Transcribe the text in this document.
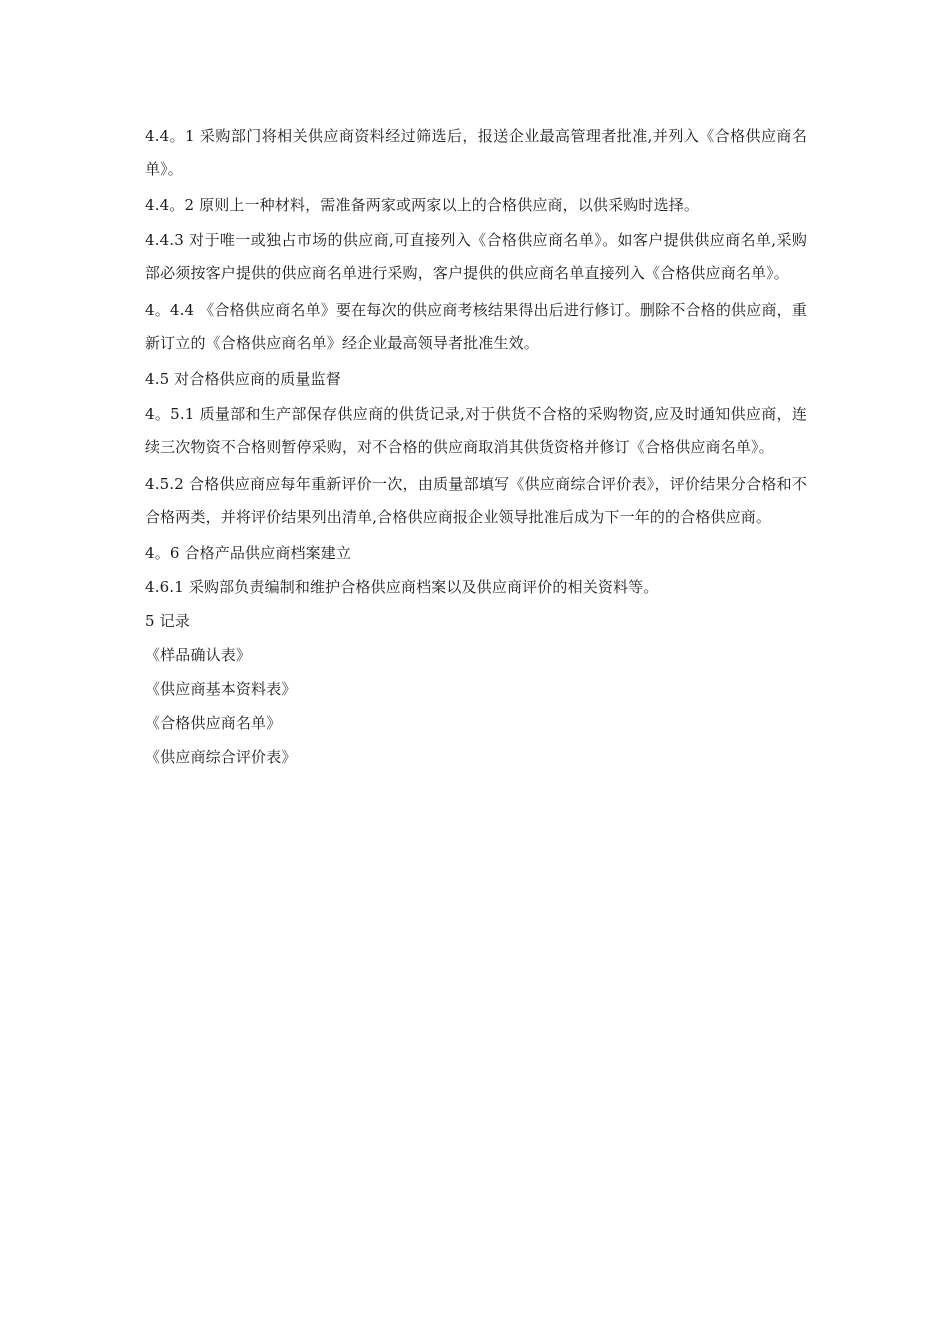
4.4。1 采购部门将相关供应商资料经过筛选后，报送企业最高管理者批准,并列入《合格供应商名单》。

4.4。2 原则上一种材料，需准备两家或两家以上的合格供应商，以供采购时选择。

4.4.3 对于唯一或独占市场的供应商,可直接列入《合格供应商名单》。如客户提供供应商名单,采购部必须按客户提供的供应商名单进行采购，客户提供的供应商名单直接列入《合格供应商名单》。

4。4.4 《合格供应商名单》要在每次的供应商考核结果得出后进行修订。删除不合格的供应商，重新订立的《合格供应商名单》经企业最高领导者批准生效。

4.5 对合格供应商的质量监督

4。5.1 质量部和生产部保存供应商的供货记录,对于供货不合格的采购物资,应及时通知供应商，连续三次物资不合格则暂停采购，对不合格的供应商取消其供货资格并修订《合格供应商名单》。

4.5.2 合格供应商应每年重新评价一次，由质量部填写《供应商综合评价表》，评价结果分合格和不合格两类，并将评价结果列出清单,合格供应商报企业领导批准后成为下一年的的合格供应商。

4。6 合格产品供应商档案建立

4.6.1 采购部负责编制和维护合格供应商档案以及供应商评价的相关资料等。

5 记录

《样品确认表》

《供应商基本资料表》

《合格供应商名单》

《供应商综合评价表》
